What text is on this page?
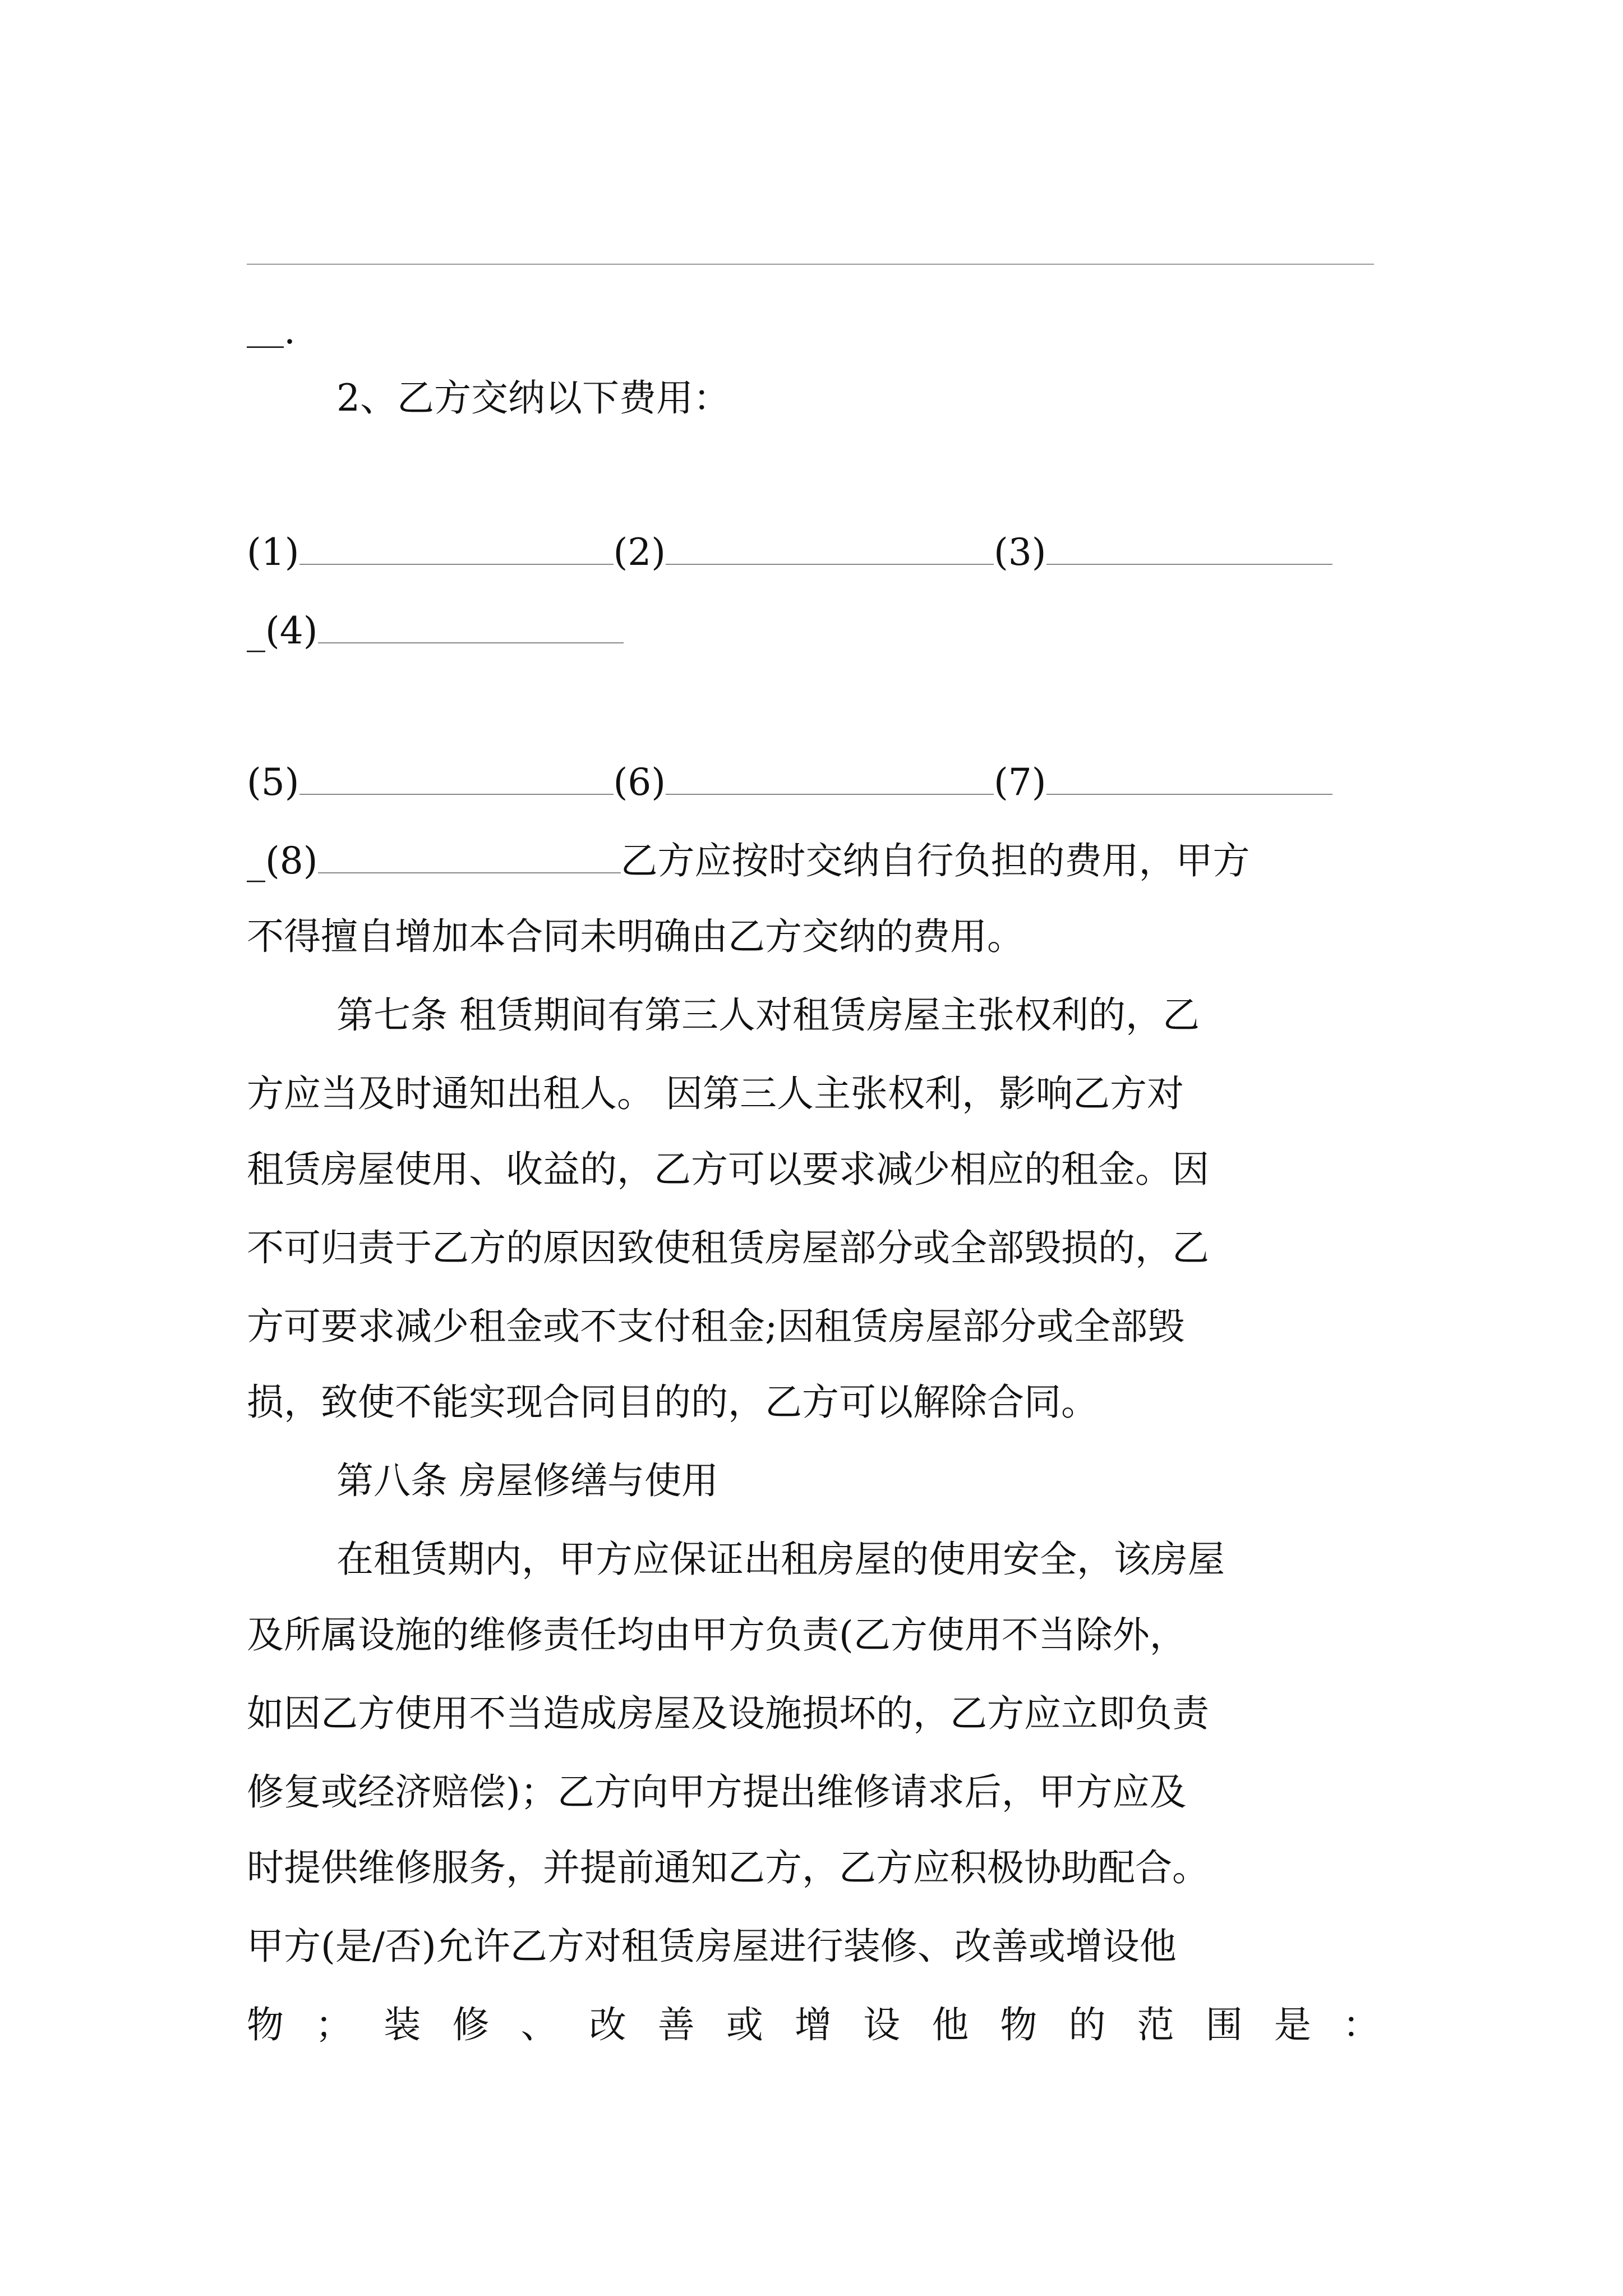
＿.
2、乙方交纳以下费用：
(1)	(2)	(3)
_(4)
(5)	(6)	(7)
_(8)	乙方应按时交纳自行负担的费用，甲方
不得擅自增加本合同未明确由乙方交纳的费用。
第七条 租赁期间有第三人对租赁房屋主张权利的，乙
方应当及时通知出租人。 因第三人主张权利，影响乙方对
租赁房屋使用、收益的，乙方可以要求减少相应的租金。因
不可归责于乙方的原因致使租赁房屋部分或全部毁损的，乙
方可要求减少租金或不支付租金;因租赁房屋部分或全部毁
损，致使不能实现合同目的的，乙方可以解除合同。
第八条 房屋修缮与使用
在租赁期内，甲方应保证出租房屋的使用安全，该房屋
及所属设施的维修责任均由甲方负责(乙方使用不当除外，
如因乙方使用不当造成房屋及设施损坏的，乙方应立即负责
修复或经济赔偿)；乙方向甲方提出维修请求后，甲方应及
时提供维修服务，并提前通知乙方，乙方应积极协助配合。
甲方(是/否)允许乙方对租赁房屋进行装修、改善或增设他
物 ； 装 修 、 改 善 或 增 设 他 物 的 范 围 是 ：
